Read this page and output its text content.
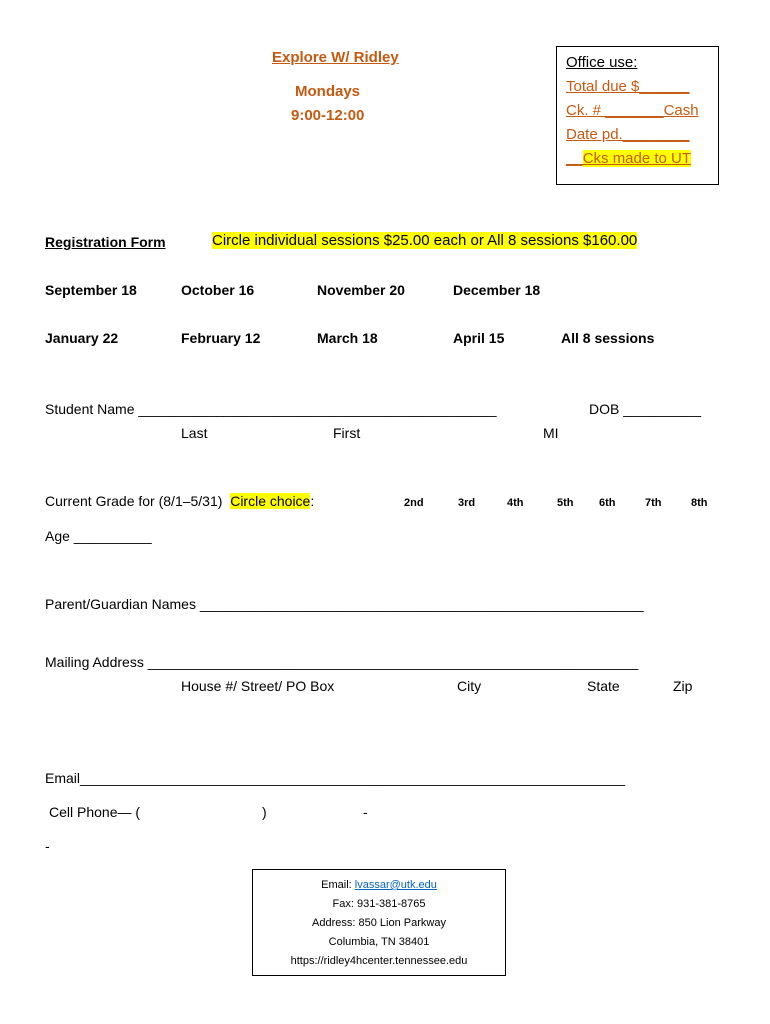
Explore W/ Ridley
Mondays
9:00-12:00
Office use:
Total due $______
Ck. # _______Cash
Date pd.________
__Cks made to UT
Registration Form	Circle individual sessions $25.00 each or All 8 sessions $160.00
September 18	October 16	November 20	December 18
January 22	February 12	March 18	April 15	All 8 sessions
Student Name ______________________________________________	DOB __________
Last	First	MI
Current Grade for (8/1–5/31) Circle choice:	2nd	3rd	4th	5th 6th	7th	8th
Age __________
Parent/Guardian Names _________________________________________________________
Mailing Address _______________________________________________________________
House #/ Street/ PO Box	City	State	Zip
Email______________________________________________________________________
Cell Phone— (	)	-
-
Email: lvassar@utk.edu
Fax: 931-381-8765
Address: 850 Lion Parkway
Columbia, TN 38401
https://ridley4hcenter.tennessee.edu
